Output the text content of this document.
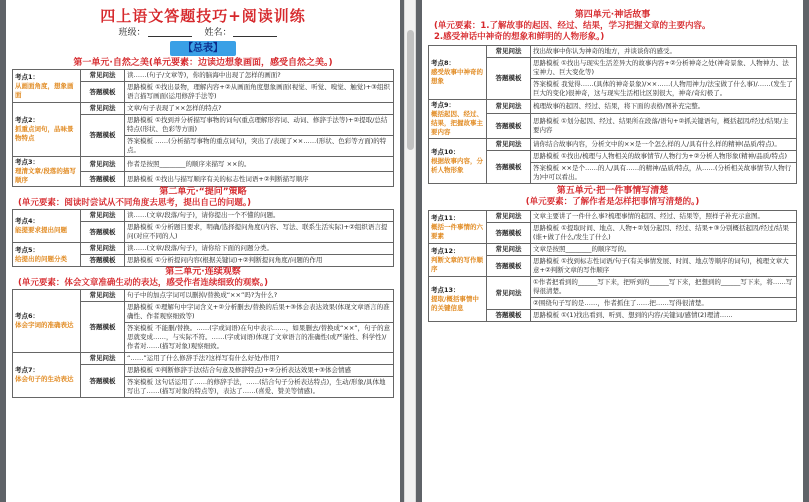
四上语文答题技巧+阅读训练
班级：	姓名：
【总表】
第一单元·自然之美(单元要素：边读边想象画面，感受自然之美。)
考点1：
从画面角度，想象画面	常见问法	读……(句子/文章等)，你的脑海中出现了怎样的画面?
	答题模板	思路模板 ①找出景物，理解内容+②从画面角度想象画面(视觉、听觉、嗅觉、触觉)+③组织语言描写画面(运用修辞手法等)
考点2：
抓重点词句，品味景物特点	常见问法	文章/句子表现了××怎样的特点?
	答题模板	思路模板 ①找到并分析描写事物的词句(重点理解形容词、动词、修辞手法等)+②提取/总结特点(形状、色彩等方面)
		答案模板 ……(分析描写事物的重点词句)，突出了/表现了××……(形状、色彩等方面)的特点。
考点3：
理清文章/段落的描写顺序	常见问法	作者是按照________的顺序来描写 ××的。
	答题模板	思路模板 ①找出与描写顺序有关的标志性词语+②判断描写顺序
第二单元·“提问”策略
(单元要素：阅读时尝试从不同角度去思考，提出自己的问题。)
考点4：
能提要求提出问题	常见问法	读……(文章/段落/句子)，请你提出一个不懂的问题。
	答题模板	思路模板 ①分析题目要求，明确/选择提问角度(内容、写法、联系生活实际)+②组织语言提问(对应不同的人)
考点5：
给提出的问题分类	常见问法	读……(文章/段落/句子)，请你给下面的问题分类。
	答题模板	思路模板 ①分析提问内容(根据关键词)+②判断提问角度/问题的作用
第三单元·连续观察
(单元要素：体会文章准确生动的表达，感受作者连续细致的观察。)
考点6：
体会字词的准确表达	常见问法	句子中的加点字词可以删掉/替换成“××”吗?为什么?
	答题模板	思路模板 ①理解句中字词含义+②分析删去/替换的后果+③体会表达效果(体现文章语言的准确性、作者观察细致等)
		答案模板 不能删/替换。……(字或词语)在句中表示……，如果删去/替换成“××”，句子的意思就变成……，与实际不符。……(字或词语)体现了文章语言的准确性(或严谨性、科学性)/作者对……(描写对象)观察细致。
考点7：
体会句子的生动表达	常见问法	“……”运用了什么修辞手法?这样写有什么好处/作用?
	答题模板	思路模板 ①判断修辞手法(结合句意及修辞特点)+②分析表达效果+③体会情感
		答案模板 这句话运用了……的修辞手法，……(结合句子分析表达特点)，生动/形象/具体地写出了……(描写对象的特点等)，表达了……(喜爱、赞美等情感)。
第四单元·神话故事
(单元要素：1.了解故事的起因、经过、结果，学习把握文章的主要内容。
2.感受神话中神奇的想象和鲜明的人物形象。)
考点8：
感受故事中神奇的想象	常见问法	找出故事中你认为神奇的地方，并谈谈你的感受。
	答题模板	思路模板 ①找出与现实生活差异大的故事内容+②分析神奇之处(神奇景象、人物神力、法宝神力、巨大变化等)
		答案模板 我觉得……(具体的神奇景象)/××……(人物用神力/法宝做了什么事)/……(发生了巨大的变化)很神奇，这与现实生活相比区别很大，神奇/奇幻极了。
考点9：
概括起因、经过、结果，把握故事主要内容	常见问法	梳理故事的起因、经过、结果，将下面的表格/图补充完整。
	答题模板	思路模板 ①划分起因、经过、结果所在段落/语句+②抓关键语句，概括起因/经过/结果/主要内容
考点10：
根据故事内容，分析人物形象	常见问法	请你结合故事内容，分析文中的××是一个怎么样的人/具有什么样的精神(品质/特点)。
	答题模板	思路模板 ①找出/梳理与人物相关的故事情节/人物行为+②分析人物形象(精神/品质/特点)
		答案模板 ××是个……的人/具有……的精神/品质/特点，从……(分析相关故事情节/人物行为)中可以看出。
第五单元·把一件事情写清楚
(单元要素：了解作者是怎样把事情写清楚的。)
考点11：
概括一件事情的六要素	常见问法	文章主要讲了一件什么事?梳理事情的起因、经过、结果等，照样子补充示意图。
	答题模板	思路模板 ①提取时间、地点、人物+②划分起因、经过、结果+③分别概括起因/经过/结果(谁+做了什么/发生了什么)
考点12：
判断文章的写作顺序	常见问法	文章是按照________的顺序写的。
	答题模板	思路模板 ①找到标志性词语/句子(有关事情发展、时间、地点等顺序的词句)，梳理文章大意+②判断文章的写作顺序
考点13：
提取/概括事情中的关键信息	常见问法	①作者把看到的______写下来，把听到的______写下来，把想到的______写下来，将……写得很清楚。
		②围绕句子写的是……，作者抓住了……把……写得很清楚。
	答题模板	思路模板 ①(1)找出看到、听到、想到的内容/关键词/感情(2)理清……
